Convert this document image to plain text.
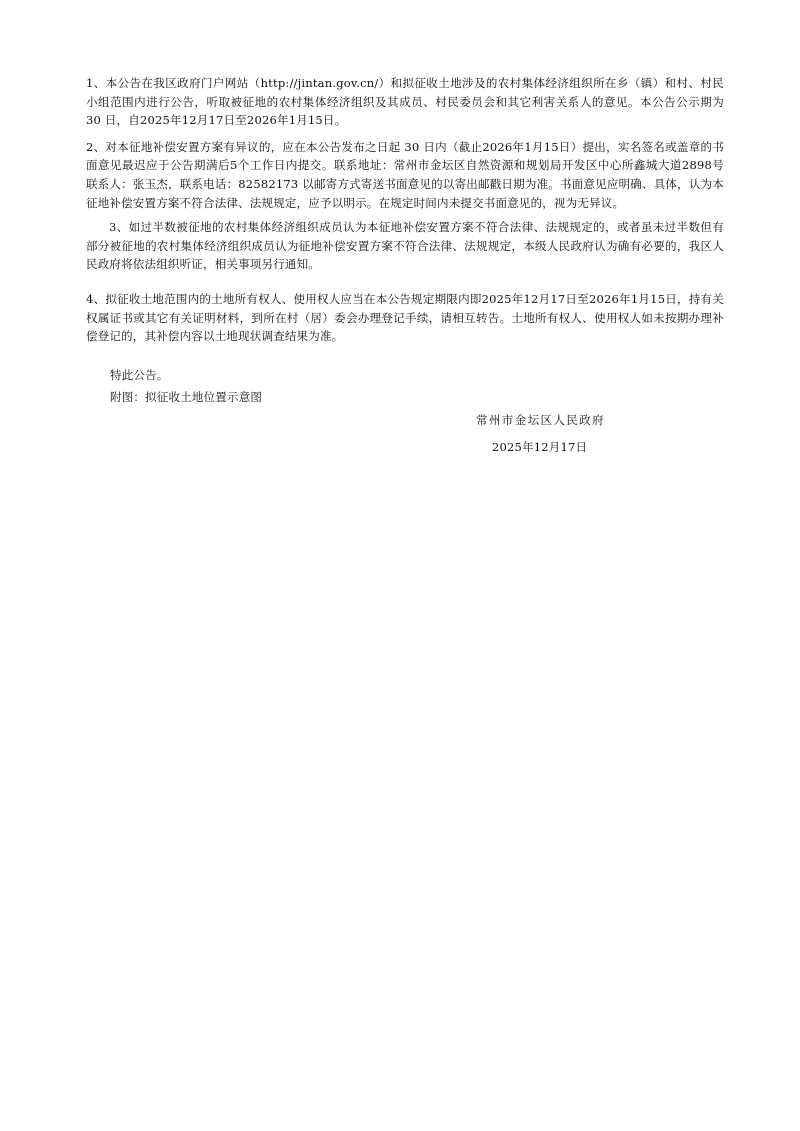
1、本公告在我区政府门户网站（http://jintan.gov.cn/）和拟征收土地涉及的农村集体经济组织所在乡（镇）和村、村民小组范围内进行公告，听取被征地的农村集体经济组织及其成员、村民委员会和其它利害关系人的意见。本公告公示期为 30 日，自2025年12月17日至2026年1月15日。

2、对本征地补偿安置方案有异议的，应在本公告发布之日起 30 日内（截止2026年1月15日）提出，实名签名或盖章的书面意见最迟应于公告期满后5个工作日内提交。联系地址：常州市金坛区自然资源和规划局开发区中心所鑫城大道2898号 联系人：张玉杰，联系电话：82582173 以邮寄方式寄送书面意见的以寄出邮戳日期为准。书面意见应明确、具体，认为本征地补偿安置方案不符合法律、法规规定，应予以明示。在规定时间内未提交书面意见的，视为无异议。

3、如过半数被征地的农村集体经济组织成员认为本征地补偿安置方案不符合法律、法规规定的，或者虽未过半数但有部分被征地的农村集体经济组织成员认为征地补偿安置方案不符合法律、法规规定，本级人民政府认为确有必要的，我区人民政府将依法组织听证，相关事项另行通知。

4、拟征收土地范围内的土地所有权人、使用权人应当在本公告规定期限内即2025年12月17日至2026年1月15日，持有关权属证书或其它有关证明材料，到所在村（居）委会办理登记手续，请相互转告。土地所有权人、使用权人如未按期办理补偿登记的，其补偿内容以土地现状调查结果为准。

特此公告。

附图：拟征收土地位置示意图

常州市金坛区人民政府

2025年12月17日
